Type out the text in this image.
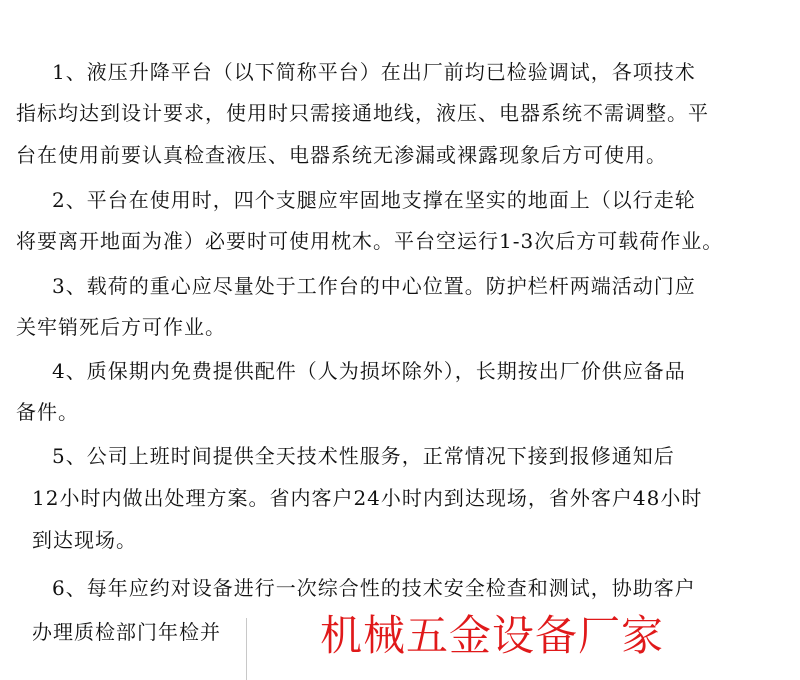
1、液压升降平台（以下简称平台）在出厂前均已检验调试，各项技术
指标均达到设计要求，使用时只需接通地线，液压、电器系统不需调整。平
台在使用前要认真检查液压、电器系统无渗漏或裸露现象后方可使用。
2、平台在使用时，四个支腿应牢固地支撑在坚实的地面上（以行走轮
将要离开地面为准）必要时可使用枕木。平台空运行1-3次后方可载荷作业。
3、载荷的重心应尽量处于工作台的中心位置。防护栏杆两端活动门应
关牢销死后方可作业。
4、质保期内免费提供配件（人为损坏除外），长期按出厂价供应备品
备件。
5、公司上班时间提供全天技术性服务，正常情况下接到报修通知后
12小时内做出处理方案。省内客户24小时内到达现场，省外客户48小时
到达现场。
6、每年应约对设备进行一次综合性的技术安全检查和测试，协助客户
办理质检部门年检并 机械五金设备厂家
